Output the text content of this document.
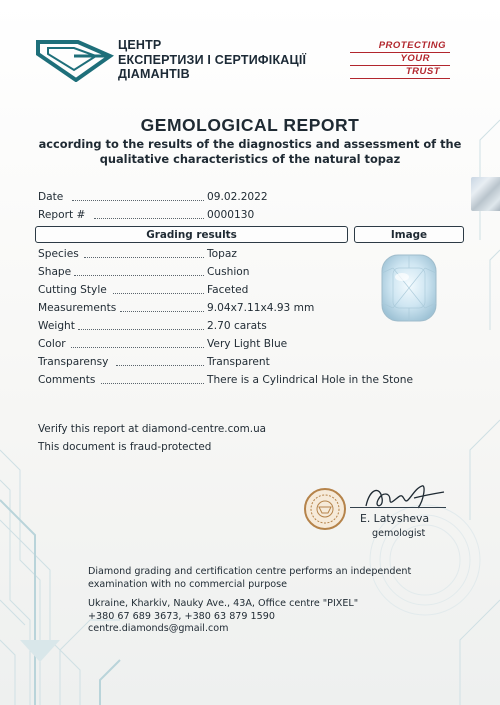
ЦЕНТР
ЕКСПЕРТИЗИ І СЕРТИФІКАЦІЇ
ДІАМАНТІВ
PROTECTING
YOUR
TRUST
GEMOLOGICAL REPORT
according to the results of the diagnostics and assessment of the
qualitative characteristics of the natural topaz
Date	09.02.2022
Report #	0000130
Grading results	Image
Species	Topaz
Shape	Cushion
Cutting Style	Faceted
Measurements	9.04x7.11x4.93 mm
Weight	2.70 carats
Color	Very Light Blue
Transparensy	Transparent
Comments	There is a Cylindrical Hole in the Stone
Verify this report at diamond-centre.com.ua
This document is fraud-protected
E. Latysheva
gemologist
Diamond grading and certification centre performs an independent examination with no commercial purpose
Ukraine, Kharkiv, Nauky Ave., 43A, Office centre "PIXEL"
+380 67 689 3673, +380 63 879 1590
centre.diamonds@gmail.com
